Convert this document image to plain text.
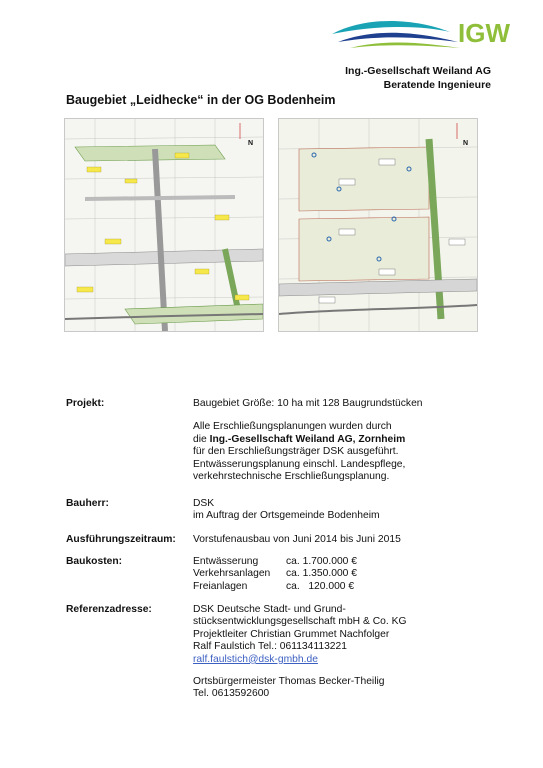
IGW
Ing.-Gesellschaft Weiland AG
Beratende Ingenieure
Baugebiet „Leidhecke“ in der OG Bodenheim
N	N
Projekt:	Baugebiet Größe: 10 ha mit 128 Baugrundstücken
Alle Erschließungsplanungen wurden durch
die Ing.-Gesellschaft Weiland AG, Zornheim
für den Erschließungsträger DSK ausgeführt.
Entwässerungsplanung einschl. Landespflege,
verkehrstechnische Erschließungsplanung.
Bauherr:	DSK
im Auftrag der Ortsgemeinde Bodenheim
Ausführungszeitraum: Vorstufenausbau von Juni 2014 bis Juni 2015
Baukosten:	Entwässerung	ca. 1.700.000 €
Verkehrsanlagen	ca. 1.350.000 €
Freianlagen	ca.   120.000 €
Referenzadresse:	DSK Deutsche Stadt- und Grund-
stücksentwicklungsgesellschaft mbH & Co. KG
Projektleiter Christian Grummet Nachfolger
Ralf Faulstich Tel.: 061134113221
ralf.faulstich@dsk-gmbh.de
Ortsbürgermeister Thomas Becker-Theilig
Tel. 0613592600
